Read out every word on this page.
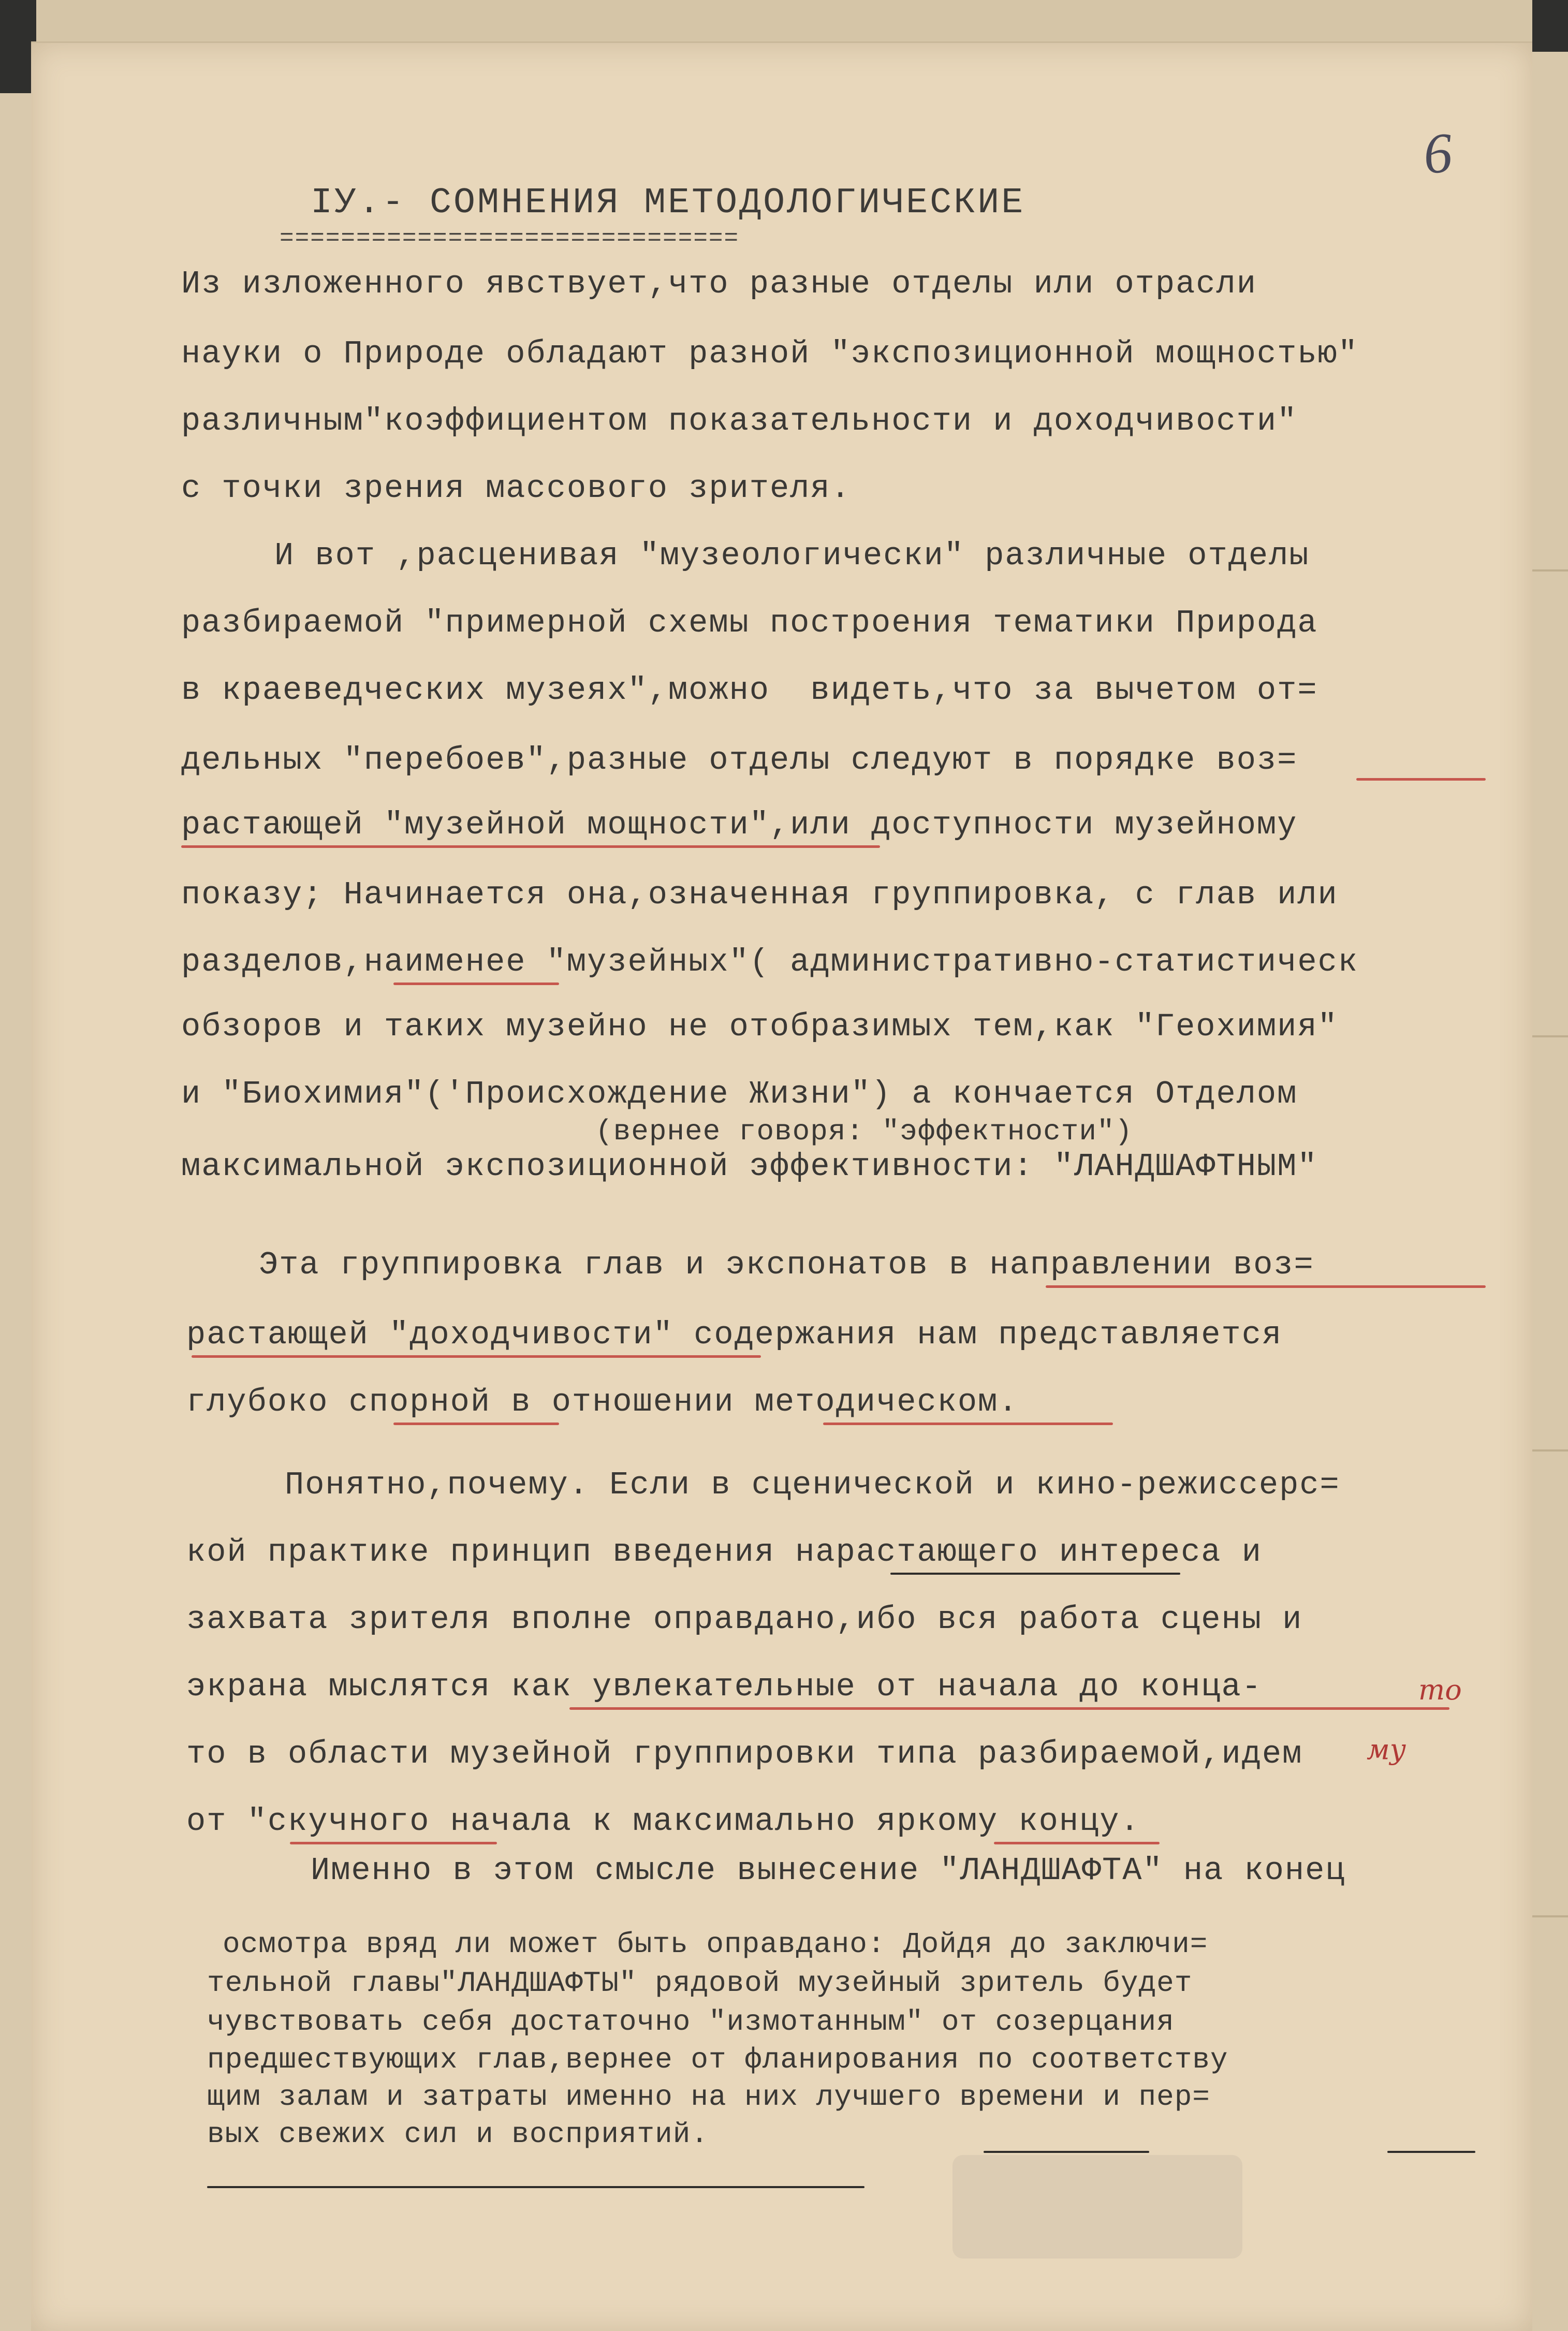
6
IУ.- СОМНЕНИЯ МЕТОДОЛОГИЧЕСКИЕ
==============================
Из изложенного явствует,что разные отделы или отрасли
науки о Природе обладают разной "экспозиционной мощностью"
различным"коэффициентом показательности и доходчивости"
с точки зрения массового зрителя.
И вот ,расценивая "музеологически" различные отделы
разбираемой "примерной схемы построения тематики Природа
в краеведческих музеях",можно  видеть,что за вычетом от=
дельных "перебоев",разные отделы следуют в порядке воз=
растающей "музейной мощности",или доступности музейному
показу; Начинается она,означенная группировка, с глав или
разделов,наименее "музейных"( административно-статистическ
обзоров и таких музейно не отобразимых тем,как "Геохимия"
и "Биохимия"('Происхождение Жизни") а кончается Отделом
(вернее говоря: "эффектности")
максимальной экспозиционной эффективности: "ЛАНДШАФТНЫМ"
Эта группировка глав и экспонатов в направлении воз=
растающей "доходчивости" содержания нам представляется
глубоко спорной в отношении методическом.
Понятно,почему. Если в сценической и кино-режиссерс=
кой практике принцип введения нарастающего интереса и
захвата зрителя вполне оправдано,ибо вся работа сцены и
экрана мыслятся как увлекательные от начала до конца-
то в области музейной группировки типа разбираемой,идем
от "скучного начала к максимально яркому концу.
Именно в этом смысле вынесение "ЛАНДШАФТА" на конец
осмотра вряд ли может быть оправдано: Дойдя до заключи=
тельной главы"ЛАНДШАФТЫ" рядовой музейный зритель будет
чувствовать себя достаточно "измотанным" от созерцания
предшествующих глав,вернее от фланирования по соответству
щим залам и затраты именно на них лучшего времени и пер=
вых свежих сил и восприятий.
то
му
